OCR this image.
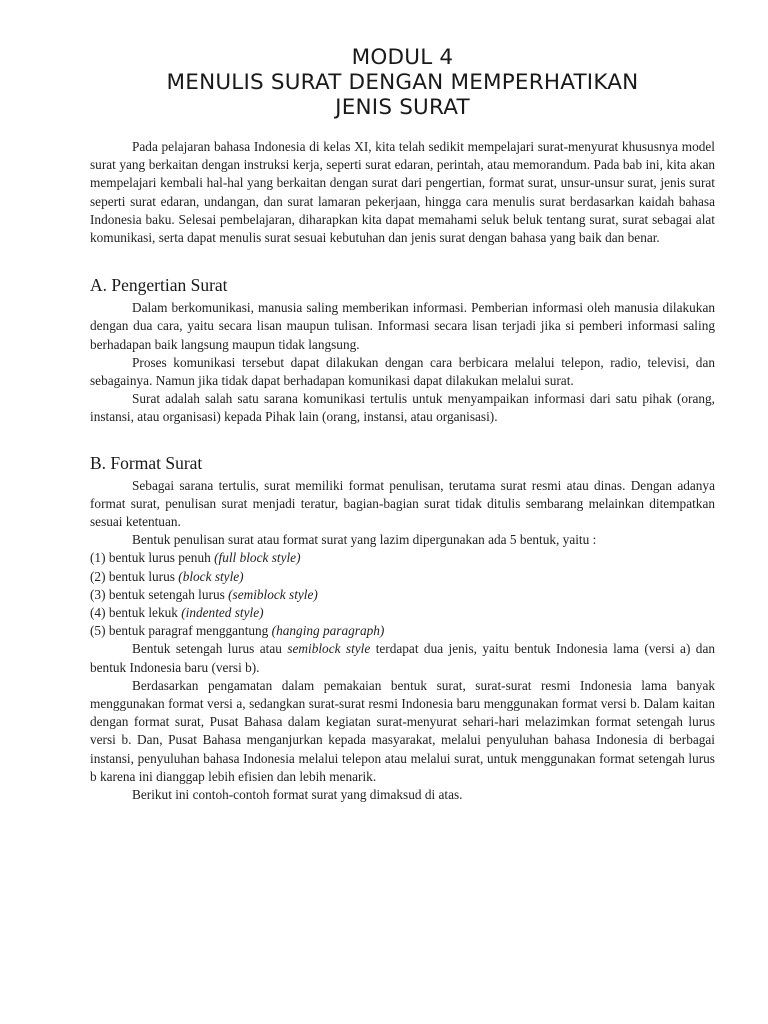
MODUL 4
MENULIS SURAT DENGAN MEMPERHATIKAN
JENIS SURAT

Pada pelajaran bahasa Indonesia di kelas XI, kita telah sedikit mempelajari surat-menyurat khususnya model surat yang berkaitan dengan instruksi kerja, seperti surat edaran, perintah, atau memorandum. Pada bab ini, kita akan mempelajari kembali hal-hal yang berkaitan dengan surat dari pengertian, format surat, unsur-unsur surat, jenis surat seperti surat edaran, undangan, dan surat lamaran pekerjaan, hingga cara menulis surat berdasarkan kaidah bahasa Indonesia baku. Selesai pembelajaran, diharapkan kita dapat memahami seluk beluk tentang surat, surat sebagai alat komunikasi, serta dapat menulis surat sesuai kebutuhan dan jenis surat dengan bahasa yang baik dan benar.

A. Pengertian Surat

Dalam berkomunikasi, manusia saling memberikan informasi. Pemberian informasi oleh manusia dilakukan dengan dua cara, yaitu secara lisan maupun tulisan. Informasi secara lisan terjadi jika si pemberi informasi saling berhadapan baik langsung maupun tidak langsung.

Proses komunikasi tersebut dapat dilakukan dengan cara berbicara melalui telepon, radio, televisi, dan sebagainya. Namun jika tidak dapat berhadapan komunikasi dapat dilakukan melalui surat.

Surat adalah salah satu sarana komunikasi tertulis untuk menyampaikan informasi dari satu pihak (orang, instansi, atau organisasi) kepada Pihak lain (orang, instansi, atau organisasi).

B. Format Surat

Sebagai sarana tertulis, surat memiliki format penulisan, terutama surat resmi atau dinas. Dengan adanya format surat, penulisan surat menjadi teratur, bagian-bagian surat tidak ditulis sembarang melainkan ditempatkan sesuai ketentuan.

Bentuk penulisan surat atau format surat yang lazim dipergunakan ada 5 bentuk, yaitu :

(1) bentuk lurus penuh (full block style)
(2) bentuk lurus (block style)
(3) bentuk setengah lurus (semiblock style)
(4) bentuk lekuk (indented style)
(5) bentuk paragraf menggantung (hanging paragraph)

Bentuk setengah lurus atau semiblock style terdapat dua jenis, yaitu bentuk Indonesia lama (versi a) dan bentuk Indonesia baru (versi b).

Berdasarkan pengamatan dalam pemakaian bentuk surat, surat-surat resmi Indonesia lama banyak menggunakan format versi a, sedangkan surat-surat resmi Indonesia baru menggunakan format versi b. Dalam kaitan dengan format surat, Pusat Bahasa dalam kegiatan surat-menyurat sehari-hari melazimkan format setengah lurus versi b. Dan, Pusat Bahasa menganjurkan kepada masyarakat, melalui penyuluhan bahasa Indonesia di berbagai instansi, penyuluhan bahasa Indonesia melalui telepon atau melalui surat, untuk menggunakan format setengah lurus b karena ini dianggap lebih efisien dan lebih menarik.

Berikut ini contoh-contoh format surat yang dimaksud di atas.
